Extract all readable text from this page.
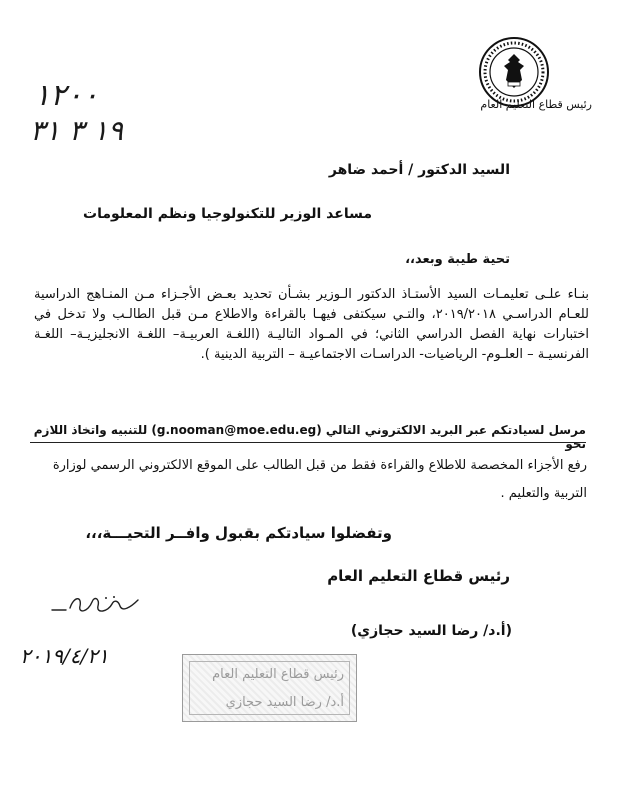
رئيس قطاع التعليم العام
١٢٠٠
١٩ ٣ ٣١
السيد الدكتور / أحمد ضاهر
مساعد الوزير للتكنولوجيا ونظم المعلومات
تحية طيبة وبعد،،
بنـاء علـى تعليمـات السيد الأستـاذ الدكتور الـوزير بشـأن تحديد بعـض الأجـزاء مـن المنـاهج الدراسية للعـام الدراسـي ٢٠١٩/٢٠١٨، والتـي سيكتفى فيهـا بالقراءة والاطلاع مـن قبل الطالـب ولا تدخل في اختبارات نهاية الفصل الدراسي الثاني؛ في المـواد التاليـة (اللغـة العربيـة– اللغـة الانجليزيـة– اللغـة الفرنسيـة – العلـوم- الرياضيات- الدراسـات الاجتماعيـة – التربية الدينية ).
مرسل لسيادتكم عبر البريد الالكتروني التالي (g.nooman@moe.edu.eg) للتنبيه واتخاذ اللازم نحو
رفع الأجزاء المخصصة للاطلاع والقراءة فقط من قبل الطالب على الموقع الالكتروني الرسمي لوزارة التربية والتعليم .
وتفضلوا سيادتكم بقبول وافــر التحيـــة،،،
رئيس قطاع التعليم العام
(أ.د/ رضا السيد حجازي)
٢٠١٩/٤/٢١
رئيس قطاع التعليم العام
أ.د/ رضا السيد حجازي
